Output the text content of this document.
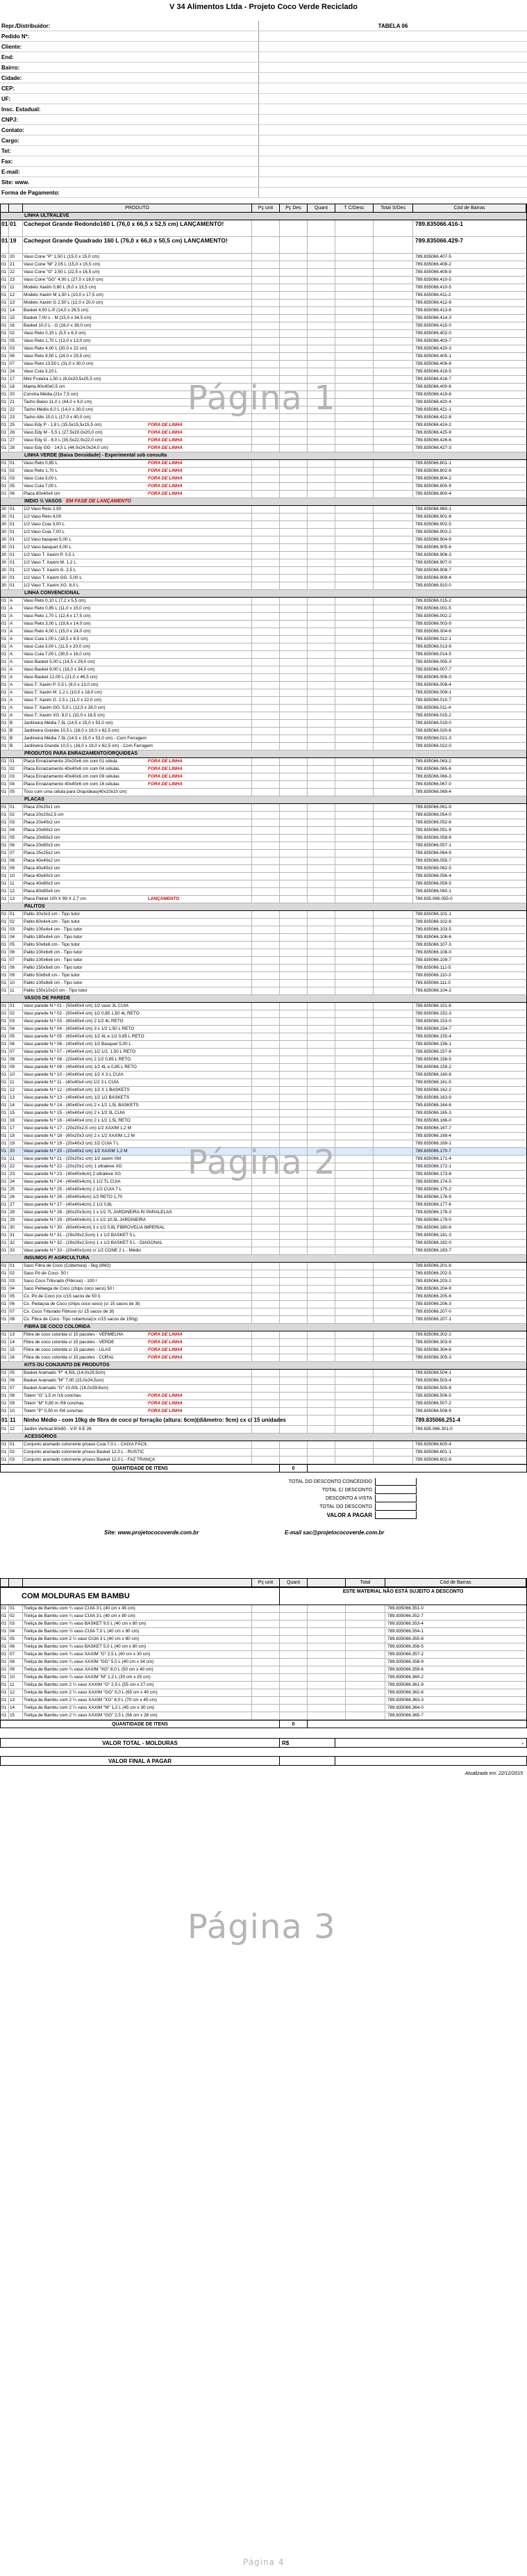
V 34 Alimentos Ltda - Projeto Coco Verde Reciclado
Repr./Distribuidor:	TABELA 06
Pedido Nº:
Cliente:
End:
Bairro:
Cidade:
CEP:
UF:
Insc. Estadual:
CNPJ:
Contato:
Cargo:
Tel:
Fax:
E-mail:
Site: www.
Forma de Pagamento:
PRODUTO	Pç unit	Pç Des	Quant	T C/Desc	Total S/Des	Cód de Barras
LINHA ULTRALEVE
01 01	Cachepot Grande Redondo160 L (76,0 x 66,5 x 52,5 cm) LANÇAMENTO!	789.835066.416-1
01 19	Cachepot Grande Quadrado 160 L (76,0 x 66,0 x 50,5 cm) LANÇAMENTO!	789.835066.429-7
01 20	Vaso Cone "P" 1,50 L (15,0 x 15,0 cm)	789.835066.407-5
01 21	Vaso Cone "M" 2,05 L (15,0 x 15,5 cm)	789.835066.408-2
01 22	Vaso Cone "G" 2,50 L (22,5 x 16,5 cm)	789.835066.409-9
01 23	Vaso Cone "GG" 4,00 L (27,0 x 18,0 cm)	789.835066.410-5
01 11	Modelo Xaxim 0,80 L (9,0 x 13,5 cm)	789.835066.410-5
01 12	Modelo Xaxim M 1,50 L (10,0 x 17,5 cm)	789.835066.411-2
01 13	Modelo Xaxim G 2,50 L (12,0 x 20,0 cm)	789.835066.412-9
01 14	Basket 4,50 L-P (14,0 x 29,5 cm)	789.835066.413-6
01 15	Basket 7,00 L - M (15,0 x 34,5 cm)	789.835066.414-3
01 16	Basket 10,0 L - G (16,0 x 39,0 cm)	789.835066.415-0
01 02	Vaso Reto 0,15 L (5,5 x 6,3 cm)	789.835066.402-0
01 05	Vaso Reto 1,70 L (13,0 x 13,0 cm)	789.835066.403-7
01 03	Vaso Reto 4,00 L (20,0 x 22 cm)	789.835066.420-3
01 06	Vaso Reto 9,50 L (24,0 x 29,5 cm)	789.835066.405-1
01 07	Vaso Reto 13,50 L (31,0 x 30,0 cm)	789.835066.406-8
01 24	Vaso Cuia 3,10 L	789.835066.418-5
01 17	Mini Fruteira 1,50 L (8,0x20,5x25,5 cm)	789.835066.416-7
01 18	Manta 80x40x0,5 cm	789.835066.400-6
01 20	Concha Média (21x 7,5 cm)	789.835066.419-8
01 21	Tacho Baixo 11,0 L (44,0 x 9,0 cm)	789.835066.420-4
01 22	Tacho Médio 6,0 L (14,0 x 30,0 cm)	789.835066.421-1
01 23	Tacho Alto 10,0 L (17,0 x 40,0 cm)	789.835066.422-8
01 25	Vaso Edy P - 1,8 L (15,5x15,5x15,5 cm)	FORA DE LINHA	789.835066.424-2
01 26	Vaso Edy M - 5,5 L (27,5x20,0x20,0 cm)	FORA DE LINHA	789.835066.425-9
01 27	Vaso Edy G - 8,0 L (35,5x22,0x22,0 cm)	FORA DE LINHA	789.835066.426-6
01 28	Vaso Edy GG - 14,5 L (44,0x24,0x24,0 cm)	FORA DE LINHA	789.835066.427-3
LINHA VERDE (Baixa Densidade) - Experimental sob consulta
01 01	Vaso Reto 0,85 L	FORA DE LINHA	789.835066.801-1
01 02	Vaso Reto 1,70 L	FORA DE LINHA	789.835066.802-8
01 03	Vaso Cuia 3,00 L	FORA DE LINHA	789.835066.804-2
01 05	Vaso Cuia 7,00 L	FORA DE LINHA	789.835066.805-9
01 06	Placa 80x40x4 cm	FORA DE LINHA	789.835066.800-4
IMDIO ½ VASOS EM FASE DE LANÇAMENTO
30 01	1/2 Vaso Reto 2,50	789.835066.960-1
30 01	1/2 Vaso Reto 4,00	789.835066.901-8
30 01	1/2 Vaso Cuia 3,00 L	789.835066.902-5
30 01	1/2 Vaso Cuia 7,00 L	789.835066.903-2
30 01	1/2 Vaso basquet 5,00 L	789.835066.904-9
30 01	1/2 Vaso basquet 9,00 L	789.835066.905-6
30 01	1/2 Vaso T. Xaxim P. 0,5 L	789.835066.906-3
30 01	1/2 Vaso T. Xaxim M. 1,2 L	789.835066.907-0
30 01	1/2 Vaso T. Xaxim G. 2,5 L	789.835066.908-7
30 01	1/2 Vaso T. Xaxim GG. 5,00 L	789.835066.909-4
30 01	1/2 Vaso T. Xaxim XG. 8,0 L	789.835066.910-0
LINHA CONVENCIONAL
01 A	Vaso Reto 0,10 L (7,2 x 5,5 cm)	789.835066.015-2
01 A	Vaso Reto 0,85 L (11,0 x 15,0 cm)	789.835066.001-5
01 A	Vaso Reto 1,70 L (12,4 x 17,5 cm)	789.835066.002-2
01 A	Vaso Reto 3,00 L (19,6 x 14,0 cm)	789.835066.003-9
01 A	Vaso Reto 4,00 L (15,0 x 24,0 cm)	789.835066.004-6
01 A	Vaso Cuia 1,00 L (18,5 x 8,5 cm)	789.835066.012-1
01 A	Vaso Cuia 3,00 L (11,5 x 20,0 cm)	789.835066.013-8
01 A	Vaso Cuia 7,00 L (30,5 x 16,0 cm)	789.835066.014-5
01 A	Vaso Basket 5,00 L (14,5 x 29,0 cm)	789.835066.005-3
01 A	Vaso Basket 9,00 L (18,0 x 34,0 cm)	789.835066.007-7
01 A	Vaso Basket 12,00 L (21,0 x 46,5 cm)	789.835066.006-0
01 A	Vaso T. Xaxim P. 0,5 L (9,0 x 13,0 cm)	789.835066.008-4
01 A	Vaso T. Xaxim M. 1,2 L (10,0 x 18,0 cm)	789.835066.009-1
01 A	Vaso T. Xaxim G. 2,5 L (11,0 x 22,0 cm)	789.835066.010-7
01 A	Vaso T. Xaxim GG. 5,0 L (12,5 x 28,0 cm)	789.835066.011-4
01 A	Vaso T. Xaxim XG. 8,0 L (32,0 x 16,5 cm)	789.835066.015-2
01 B	Jardineira Média 7,5L (14,5 x 15,0 x 53,0 cm)	789.835066.019-0
01 B	Jardineira Grande 10,5 L (16,0 x 19,0 x 62,5 cm)	789.835066.020-6
01 B	Jardineira Média 7,5L (14,5 x 15,0 x 53,0 cm) - Com Ferragem	789.835066.021-3
01 B	Jardineira Grande 10,5 L (16,0 x 19,0 x 62,5 cm) - Com Ferragem	789.835066.022-0
PRODUTOS PARA ENRAIZAMENTO/ORQUIDEAS
01 01	Placa Enraizamento 20x20x6 cm com 01 célula	FORA DE LINHA	789.835066.063-2
01 02	Placa Enraizamento 40x40x6 cm com 04 células	FORA DE LINHA	789.835066.065-6
01 03	Placa Enraizamento 40x40x6 cm com 09 células	FORA DE LINHA	789.835066.066-3
01 04	Placa Enraizamento 40x40x6 cm com 16 células	FORA DE LINHA	789.835066.067-0
01 05	Toco com uma célula para Orquídeas(40x10x10 cm)	789.835066.069-4
PLACAS
01 01	Placa 20x20x1 cm	789.835066.061-9
01 02	Placa 20x20x2,5 cm	789.835066.054-0
01 03	Placa 20x40x2 cm	789.835066.052-6
01 04	Placa 20x60x2 cm	789.835066.051-9
01 05	Placa 20x60x3 cm	789.835066.058-8
01 06	Placa 20x80x3 cm	789.835066.057-1
01 07	Placa 25x25x2 cm	789.835066.064-9
01 08	Placa 40x40x2 cm	789.835066.055-7
01 09	Placa 40x40x2 cm	789.835066.062-5
01 10	Placa 40x40x3 cm	789.835066.056-4
01 11	Placa 40x80x3 cm	789.835066.059-5
01 12	Placa 80x80x4 cm	789.835066.060-1
01 13	Placa Painel 100 X 99 X 2,7 cm	LANÇAMENTO	789.835.066.055-0
PALITOS
01 01	Palito 30x3x3 cm - Tipo tutor	789.835066.101-1
01 02	Palito 60x4x4 cm - Tipo tutor	789.835066.102-8
01 03	Palito 100x4x4 cm - Tipo tutor	789.835066.103-5
01 04	Palito 180x4x4 cm - Tipo tutor	789.835066.106-6
01 05	Palito 50x6x6 cm - Tipo tutor	789.835066.107-3
01 06	Palito 100x6x6 cm - Tipo tutor	789.835066.108-0
01 07	Palito 100x6x6 cm - Tipo tutor	789.835066.109-7
01 08	Palito 150x6x6 cm - Tipo tutor	789.835066.112-5
01 09	Palito 50x8x8 cm - Tipo tutor	789.835066.110-3
01 10	Palito 100x8x8 cm - Tipo tutor	789.835066.111-0
01 11	Palito 150x10x10 cm - Tipo tutor	789.835066.104-2
VASOS DE PAREDE
01 01	Vaso parede N.º 01 - (50x40x4 cm) 1/2 vaso 3L CUIA	789.835066.151-6
01 02	Vaso parede N.º 02 - (50x40x4 cm) 1/2 0,85 1,50 4L RETO	789.835066.152-3
01 03	Vaso parede N.º 03 - (60x40x4 cm) 2 1/2 4L RETO	789.835066.153-0
01 04	Vaso parede N.º 04 - (60x40x4 cm) 3 x 1/2 1,50 L RETO	789.835066.154-7
01 05	Vaso parede N.º 05 - (60x40x4 cm) 1/2 4L e 1/2 0,85 L RETO	789.835066.155-4
01 06	Vaso parede N.º 06 - (40x40x4 cm) 1/2 Basquet 5,00 L	789.835066.156-1
01 07	Vaso parede N.º 07 - (40x40x4 cm) 1/2 1/2, 1,50 L RETO	789.835066.157-8
01 08	Vaso parede N.º 08 - (20x40x4 cm) 2 1/2 0,85 L RETO	789.835066.158-5
01 09	Vaso parede N.º 09 - (40x40x4 cm) 1/2 4L e 0,85 L RETO	789.835066.159-2
01 10	Vaso parede N.º 10 - (40x40x4 cm) 1/2 X 3 L CUIA	789.835066.160-8
01 11	Vaso parede N.º 11 - (40x40x4 cm) 1/2 3 L CUIA	789.835066.161-5
01 12	Vaso parede N.º 12 - (40x40x4 cm) 1/2 X 1 BASKETS	789.835066.162-2
01 13	Vaso parede N.º 13 - (40x40x4 cm) 1/2 1/2 BASKETS	789.835066.163-9
01 14	Vaso parede N.º 14 - (40x40x4 cm) 2 x 1/2 1,5L BASKETS	789.835066.164-6
01 15	Vaso parede N.º 15 - (40x40x4 cm) 2 x 1/2 3L CUIA	789.835066.165-3
01 16	Vaso parede N.º 16 - (40x40x4 cm) 2 x 1/2 1,5L RETO	789.835066.166-0
01 17	Vaso parede N.º 17 - (20x20x2,5 cm) 1/2 XAXIM 1,2 M	789.835066.167-7
01 18	Vaso parede N.º 18 - (60x20x3 cm) 2 x 1/2 XAXIM 1,2 M	789.835066.168-4
01 19	Vaso parede N.º 19 - (20x40x3 cm) 1/2 CUIA 7 L	789.835066.169-1
01 20	Vaso parede N.º 20 - (20x40x2 cm) 1/2 XAXIM 1,2 M	789.835066.170-7
01 21	Vaso parede N.º 21 - (20x20x1 cm) 1/2 xaxim XM	789.835066.171-4
01 22	Vaso parede N.º 22 - (20x20x1 cm) 1 ultraleve XG	789.835066.172-1
01 23	Vaso parede N.º 23 - (40x40x4cm) 2 ultraleve XG	789.835066.173-8
01 24	Vaso parede N.º 24 - (40x40x4cm) 1 1/2 TL CUIA	789.835066.174-5
01 25	Vaso parede N.º 25 - (40x40x4cm) 2 1/2 CUIA 7 L	789.835066.175-2
01 26	Vaso parede N.º 26 - (40x40x4cm) 1/2 RETO 1,70	789.835066.176-9
01 27	Vaso parede N.º 27 - (40x40x4cm) 2 1/2 0,8L	789.835066.177-6
01 28	Vaso parede N.º 28 - (80x20x3cm) 1 x 1/2 7L JARDINEIRA R/ PARALELAS	789.835066.178-3
01 29	Vaso parede N.º 29 - (80x40x4cm) 1 x 1/2 10,5L JARDINEIRA	789.835066.179-0
01 30	Vaso parede N.º 30 - (60x40x4cm) 3 x 1/2 0,8L FIBROVELIA IMPERIAL	789.835066.180-6
01 31	Vaso parede N.º 31 - (29x29x2,5cm) 1 x 1/2 BASKET 5 L	789.835066.181-3
01 32	Vaso parede N.º 32 - (29x29x2,5cm) 1 x 1/2 BASKET 5 L - DIAGONAL	789.835066.182-0
01 33	Vaso parede N.º 33 - (20x40x1cm) c/ 1/2 CONE 2 L - Médio	789.835066.183-7
INSUMOS P/ AGRICULTURA
01 01	Saco Fibra de Coco (Cobertura) - 5kg (6M2)	789.835066.201-8
01 02	Saco Pó de Coco- 50 l	789.835066.202-5
01 03	Saco Coco Triturado (Fibroso) - 100 l	789.835066.203-2
01 04	Saco Pellaega de Coco (chips coco seco) 50 l	789.835066.204-9
01 05	Cx. Pó de Coco (cx c/15 sacos de 50 l)	789.835066.205-6
01 06	Cx. Pedaçoa de Coco (chips coco seco) (c/ 15 sacos de 3l)	789.835066.206-3
01 07	Cx. Coco Triturado Fibroso (c/ 15 sacos de 3l)	789.835066.207-0
01 08	Cx. Fibra de Coco -Tipo cobertura(cx c/15 sacos de 150g)	789.835066.207-1
FIBRA DE COCO COLORIDA
01 13	Fibra de coco colorida c/ 15 pacotes - VERMELHA	FORA DE LINHA	789.835066.302-2
01 14	Fibra de coco colorida c/ 15 pacotes - VERDE	FORA DE LINHA	789.835066.303-9
01 15	Fibra de coco colorida c/ 15 pacotes - LILAS	FORA DE LINHA	789.835066.304-6
01 16	Fibra de coco colorida c/ 15 pacotes - CORAL	FORA DE LINHA	789.835066.305-3
KITS OU CONJUNTO DE PRODUTOS
01 05	Basket Aramado "P" 4,50L (14,0x29,5cm)	789.835066.504-1
01 06	Basket Aramado "M" 7,00 (15,0x34,5cm)	789.835066.503-4
01 07	Basket Aramado "G" 10,00L (16,0x39,6cm)	789.835066.505-8
01 08	Totem "G" 1,5 m /16 conchas	FORA DE LINHA	789.835066.506-5
01 09	Totem "M" 0,80 m /08 conchas	FORA DE LINHA	789.835066.507-2
01 10	Totem "P" 0,50 m /04 conchas	FORA DE LINHA	789.835066.508-9
01 11	Ninho Médio - com 10kg de fibra de coco p/ forração (altura: 6cm)(diâmetro: 9cm) cx c/ 15 unidades	789.835066.251-4
01 12	Jardim Vertical 80x80 - V.P. 9 E 26	789.835.066.301-0
ACESSÓRIOS
01 01	Conjunto aramado colorrente p/vaso Cuia 7,0 L - CAIXA FÁCIL	789.835066.600-4
01 02	Conjunto aramado colorrente p/vaso Basket 12,0 L - RUSTIC	789.835066.601-1
01 03	Conjunto aramado colorrente p/vaso Basket 12,0 L - FAZ TRANÇA	789.835066.602-8
QUANTIDADE DE ITENS	0
TOTAL DO DESCONTO CONCEDIDO
TOTAL C/ DESCONTO
DESCONTO A VISTA
TOTAL DO DESCONTO
VALOR A PAGAR
Site: www.projetococoverde.com.br	E-mail sac@projetococoverde.com.br
Pç unit	Quant	Total	Cód de Barras
COM MOLDURAS EM BAMBU
ESTE MATERIAL NÃO ESTÁ SUJEITO A DESCONTO
01 01	Treliça de Bambu com ¼ vaso CUIA 3 L (40 cm x 45 cm)	789.835066.351-0
01 02	Treliça de Bambu com ¼ vaso CUIA 3 L (40 cm x 80 cm)	789.835066.352-7
01 03	Treliça de Bambu com ¼ vaso BASKET 9,0 L (40 cm x 80 cm)	789.835066.353-4
01 04	Treliça de Bambu com ½ vaso CUIA 7,0 L (40 cm x 80 cm)	789.835066.354-1
01 05	Treliça de Bambu com 2 ¼ vaso CUIA 3 L (40 cm x 80 cm)	789.835066.355-8
01 06	Treliça de Bambu com ¼ vaso BASKET 5,0 L (40 cm x 80 cm)	789.835066.356-5
01 07	Treliça de Bambu com ¼ vaso XAXIM "G" 2,5 L (40 cm x 30 cm)	789.835066.357-2
01 08	Treliça de Bambu com ¼ vaso XAXIM "GG" 5,0 L (40 cm x 34 cm)	789.835066.358-9
01 09	Treliça de Bambu com ¼ vaso XAXIM "XG" 8,0 L (50 cm x 40 cm)	789.835066.359-6
01 10	Treliça de Bambu com ¼ vaso XAXIM "M" 1,2 L (30 cm x 25 cm)	789.835066.360-2
01 11	Treliça de Bambu com 2 ¼ vaso XAXIM "G" 2,5 L (55 cm x 27 cm)	789.835066.361-9
01 12	Treliça de Bambu com 2 ¼ vaso XAXIM "GG" 5,0 L (65 cm x 40 cm)	789.835066.362-6
01 13	Treliça de Bambu com 2 ¼ vaso XAXIM "XG" 8,0 L (70 cm x 45 cm)	789.835066.363-3
01 14	Treliça de Bambu com 2 ¼ vaso XAXIM "M" 1,2 L (45 cm x 30 cm)	789.835066.364-0
01 15	Treliça de Bambu com 2 ¼ vaso XAXIM "GG" 2,5 L (56 cm x 28 cm)	789.835066.365-7
QUANTIDADE DE ITENS	0
VALOR TOTAL - MOLDURAS	R$	-
VALOR FINAL A PAGAR
Atualizada em: 22/12/2015
Página 1
Página 2
Página 3
Página 4
